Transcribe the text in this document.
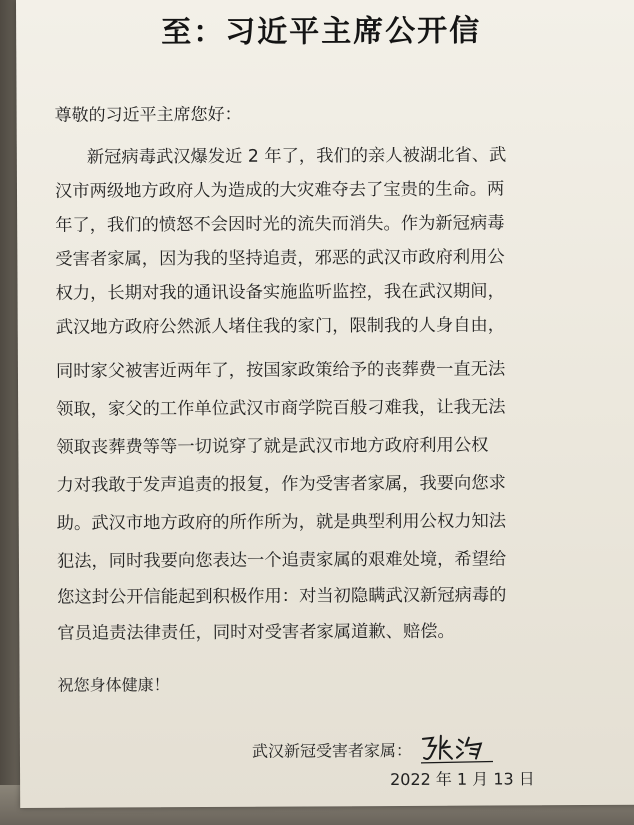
至：习近平主席公开信
尊敬的习近平主席您好：
新冠病毒武汉爆发近 2 年了，我们的亲人被湖北省、武
汉市两级地方政府人为造成的大灾难夺去了宝贵的生命。两
年了，我们的愤怒不会因时光的流失而消失。作为新冠病毒
受害者家属，因为我的坚持追责，邪恶的武汉市政府利用公
权力，长期对我的通讯设备实施监听监控，我在武汉期间，
武汉地方政府公然派人堵住我的家门，限制我的人身自由，
同时家父被害近两年了，按国家政策给予的丧葬费一直无法
领取，家父的工作单位武汉市商学院百般刁难我，让我无法
领取丧葬费等等一切说穿了就是武汉市地方政府利用公权
力对我敢于发声追责的报复，作为受害者家属，我要向您求
助。武汉市地方政府的所作所为，就是典型利用公权力知法
犯法，同时我要向您表达一个追责家属的艰难处境，希望给
您这封公开信能起到积极作用：对当初隐瞒武汉新冠病毒的
官员追责法律责任，同时对受害者家属道歉、赔偿。
祝您身体健康！
武汉新冠受害者家属：
2022 年 1 月 13 日
